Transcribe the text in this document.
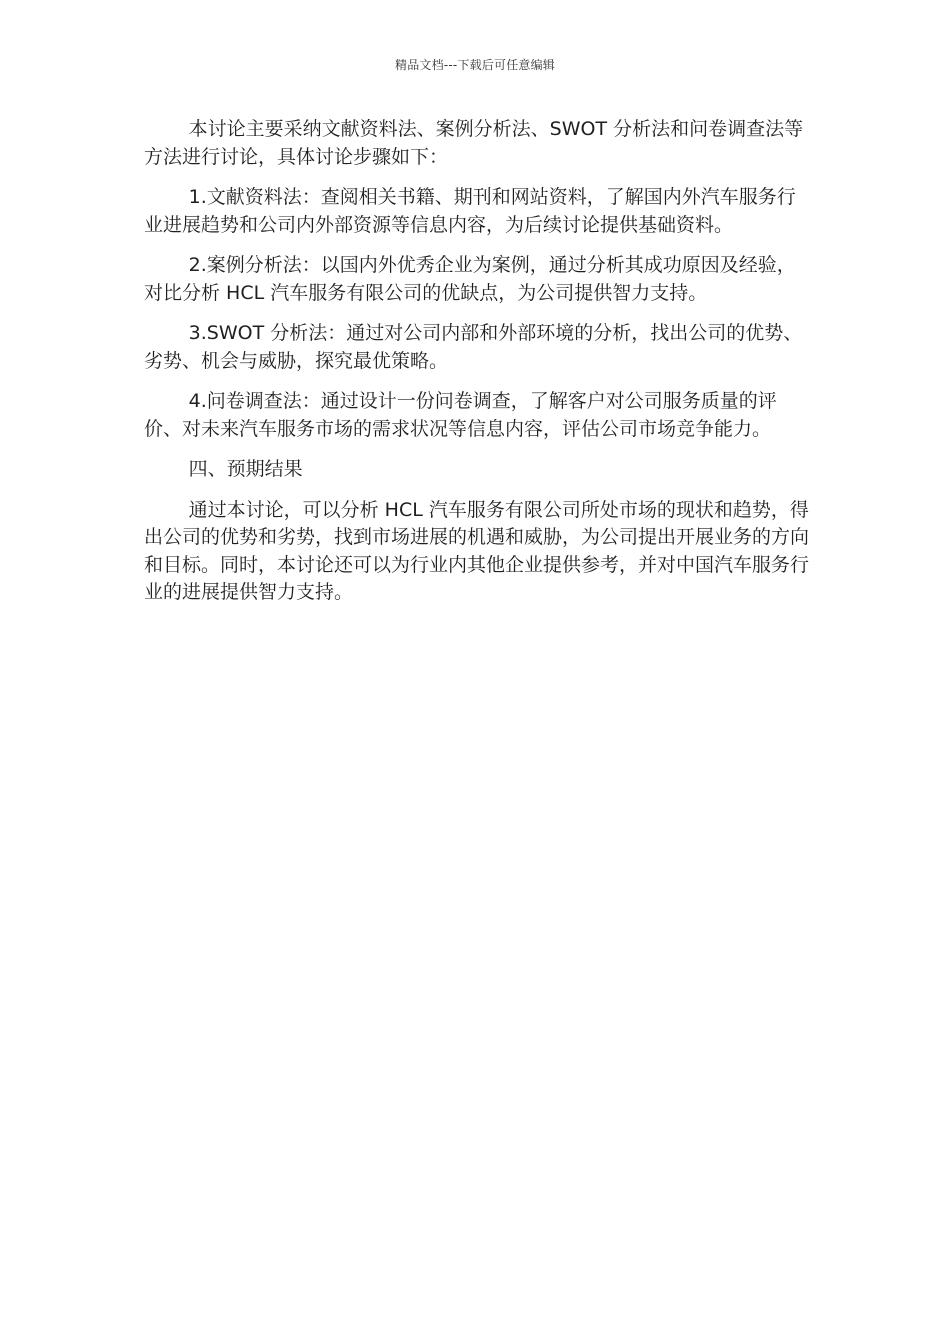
精品文档---下载后可任意编辑

本讨论主要采纳文献资料法、案例分析法、SWOT 分析法和问卷调查法等方法进行讨论，具体讨论步骤如下：

1.文献资料法：查阅相关书籍、期刊和网站资料，了解国内外汽车服务行业进展趋势和公司内外部资源等信息内容，为后续讨论提供基础资料。

2.案例分析法：以国内外优秀企业为案例，通过分析其成功原因及经验，对比分析 HCL 汽车服务有限公司的优缺点，为公司提供智力支持。

3.SWOT 分析法：通过对公司内部和外部环境的分析，找出公司的优势、劣势、机会与威胁，探究最优策略。

4.问卷调查法：通过设计一份问卷调查，了解客户对公司服务质量的评价、对未来汽车服务市场的需求状况等信息内容，评估公司市场竞争能力。

四、预期结果

通过本讨论，可以分析 HCL 汽车服务有限公司所处市场的现状和趋势，得出公司的优势和劣势，找到市场进展的机遇和威胁，为公司提出开展业务的方向和目标。同时，本讨论还可以为行业内其他企业提供参考，并对中国汽车服务行业的进展提供智力支持。
